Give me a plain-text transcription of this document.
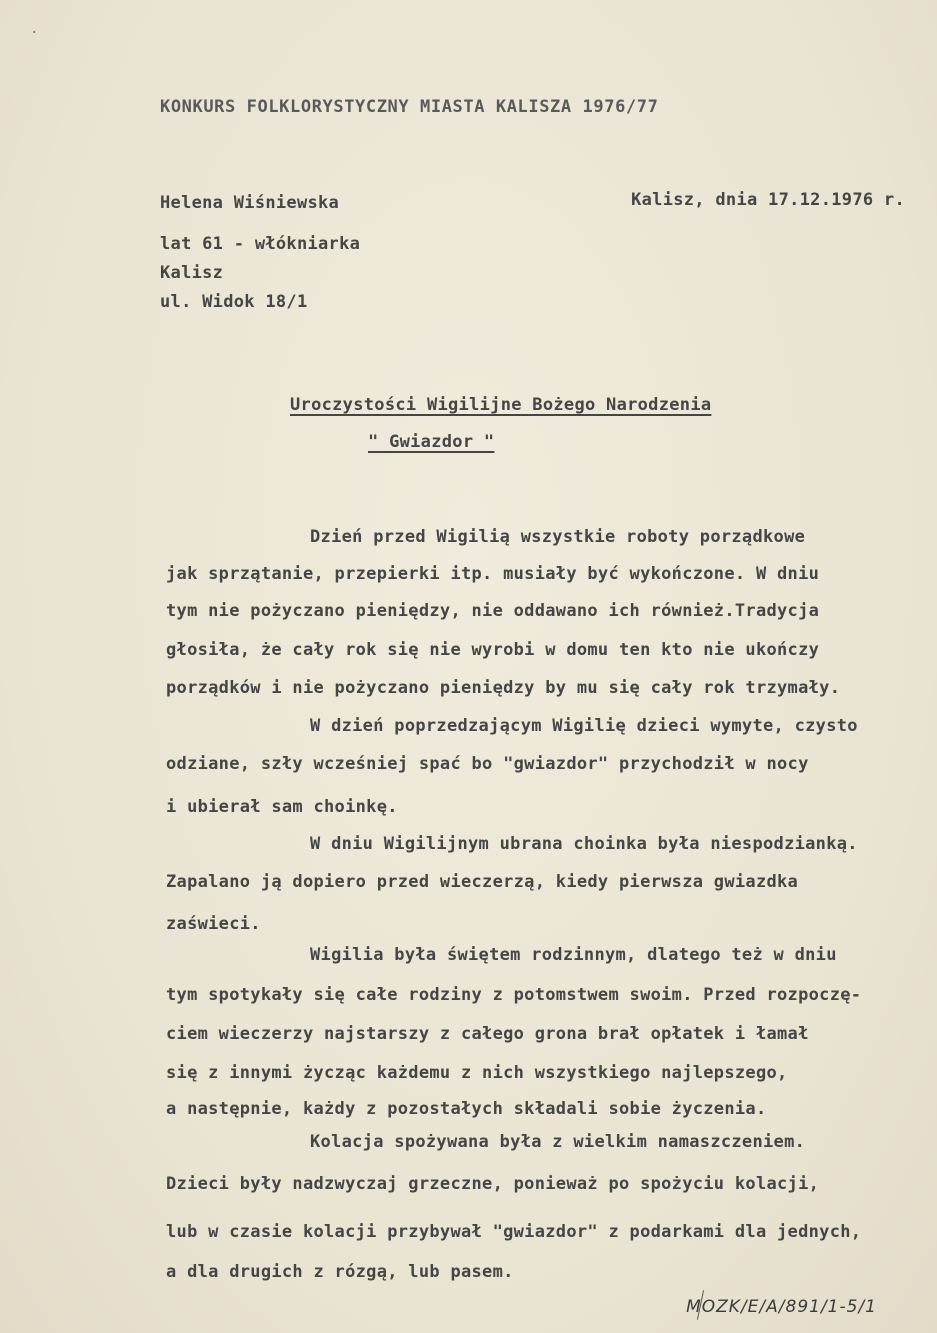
·
KONKURS FOLKLORYSTYCZNY MIASTA KALISZA 1976/77
Helena Wiśniewska	Kalisz, dnia 17.12.1976 r.
lat 61 - włókniarka
Kalisz
ul. Widok 18/1
Uroczystości Wigilijne Bożego Narodzenia
" Gwiazdor "
Dzień przed Wigilią wszystkie roboty porządkowe
jak sprzątanie, przepierki itp. musiały być wykończone. W dniu
tym nie pożyczano pieniędzy, nie oddawano ich również.Tradycja
głosiła, że cały rok się nie wyrobi w domu ten kto nie ukończy
porządków i nie pożyczano pieniędzy by mu się cały rok trzymały.
W dzień poprzedzającym Wigilię dzieci wymyte, czysto
odziane, szły wcześniej spać bo "gwiazdor" przychodził w nocy
i ubierał sam choinkę.
W dniu Wigilijnym ubrana choinka była niespodzianką.
Zapalano ją dopiero przed wieczerzą, kiedy pierwsza gwiazdka
zaświeci.
Wigilia była świętem rodzinnym, dlatego też w dniu
tym spotykały się całe rodziny z potomstwem swoim. Przed rozpoczę-
ciem wieczerzy najstarszy z całego grona brał opłatek i łamał
się z innymi życząc każdemu z nich wszystkiego najlepszego,
a następnie, każdy z pozostałych składali sobie życzenia.
Kolacja spożywana była z wielkim namaszczeniem.
Dzieci były nadzwyczaj grzeczne, ponieważ po spożyciu kolacji,
lub w czasie kolacji przybywał "gwiazdor" z podarkami dla jednych,
a dla drugich z rózgą, lub pasem.
MOZK/E/A/891/1-5/1
